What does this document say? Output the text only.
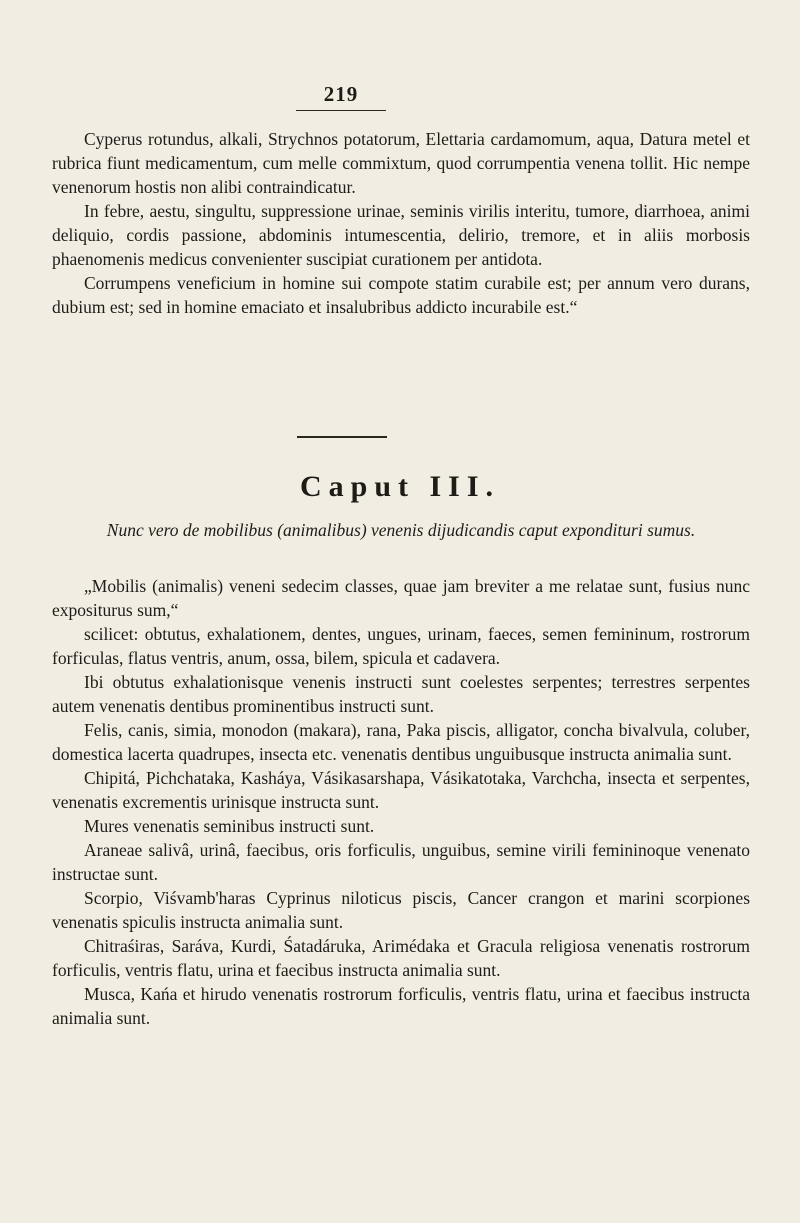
219

Cyperus rotundus, alkali, Strychnos potatorum, Elettaria cardamomum, aqua, Datura metel et rubrica fiunt medicamentum, cum melle commixtum, quod corrumpentia venena tollit. Hic nempe venenorum hostis non alibi contraindicatur.

In febre, aestu, singultu, suppressione urinae, seminis virilis interitu, tumore, diarrhoea, animi deliquio, cordis passione, abdominis intumescentia, delirio, tremore, et in aliis morbosis phaenomenis medicus convenienter suscipiat curationem per antidota.

Corrumpens veneficium in homine sui compote statim curabile est; per annum vero durans, dubium est; sed in homine emaciato et insalubribus addicto incurabile est.“

Caput III.
Nunc vero de mobilibus (animalibus) venenis dijudicandis caput expondituri sumus.

„Mobilis (animalis) veneni sedecim classes, quae jam breviter a me relatae sunt, fusius nunc expositurus sum,“

scilicet: obtutus, exhalationem, dentes, ungues, urinam, faeces, semen femininum, rostrorum forficulas, flatus ventris, anum, ossa, bilem, spicula et cadavera.

Ibi obtutus exhalationisque venenis instructi sunt coelestes serpentes; terrestres serpentes autem venenatis dentibus prominentibus instructi sunt.

Felis, canis, simia, monodon (makara), rana, Paka piscis, alligator, concha bivalvula, coluber, domestica lacerta quadrupes, insecta etc. venenatis dentibus unguibusque instructa animalia sunt.

Chipitá, Pichchataka, Kasháya, Vásikasarshapa, Vásikatotaka, Varchcha, insecta et serpentes, venenatis excrementis urinisque instructa sunt.

Mures venenatis seminibus instructi sunt.

Araneae salivâ, urinâ, faecibus, oris forficulis, unguibus, semine virili femininoque venenato instructae sunt.

Scorpio, Viśvamb'haras Cyprinus niloticus piscis, Cancer crangon et marini scorpiones venenatis spiculis instructa animalia sunt.

Chitraśiras, Saráva, Kurdi, Śatadáruka, Arimédaka et Gracula religiosa venenatis rostrorum forficulis, ventris flatu, urina et faecibus instructa animalia sunt.

Musca, Kańa et hirudo venenatis rostrorum forficulis, ventris flatu, urina et faecibus instructa animalia sunt.
